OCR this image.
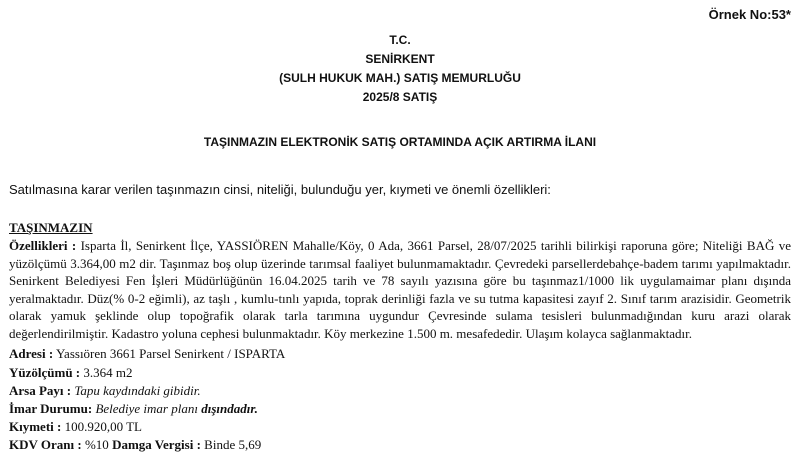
Örnek No:53*
T.C.
SENİRKENT
(SULH HUKUK MAH.) SATIŞ MEMURLUĞU
2025/8 SATIŞ
TAŞINMAZIN ELEKTRONİK SATIŞ ORTAMINDA AÇIK ARTIRMA İLANI
Satılmasına karar verilen taşınmazın cinsi, niteliği, bulunduğu yer, kıymeti ve önemli özellikleri:
TAŞINMAZIN
Özellikleri : Isparta İl, Senirkent İlçe, YASSIÖREN Mahalle/Köy, 0 Ada, 3661 Parsel, 28/07/2025 tarihli bilirkişi raporuna göre; Niteliği BAĞ ve yüzölçümü 3.364,00 m2 dir. Taşınmaz boş olup üzerinde tarımsal faaliyet bulunmamaktadır. Çevredeki parsellerdebahçe-badem tarımı yapılmaktadır. Senirkent Belediyesi Fen İşleri Müdürlüğünün 16.04.2025 tarih ve 78 sayılı yazısına göre bu taşınmaz1/1000 lik uygulamaimar planı dışında yeralmaktadır. Düz(% 0-2 eğimli), az taşlı , kumlu-tınlı yapıda, toprak derinliği fazla ve su tutma kapasitesi zayıf 2. Sınıf tarım arazisidir. Geometrik olarak yamuk şeklinde olup topoğrafik olarak tarla tarımına uygundur Çevresinde sulama tesisleri bulunmadığından kuru arazi olarak değerlendirilmiştir. Kadastro yoluna cephesi bulunmaktadır. Köy merkezine 1.500 m. mesafededir. Ulaşım kolayca sağlanmaktadır.
Adresi : Yassıören 3661 Parsel Senirkent / ISPARTA
Yüzölçümü : 3.364 m2
Arsa Payı : Tapu kaydındaki gibidir.
İmar Durumu: Belediye imar planı dışındadır.
Kıymeti : 100.920,00 TL
KDV Oranı : %10 Damga Vergisi : Binde 5,69
